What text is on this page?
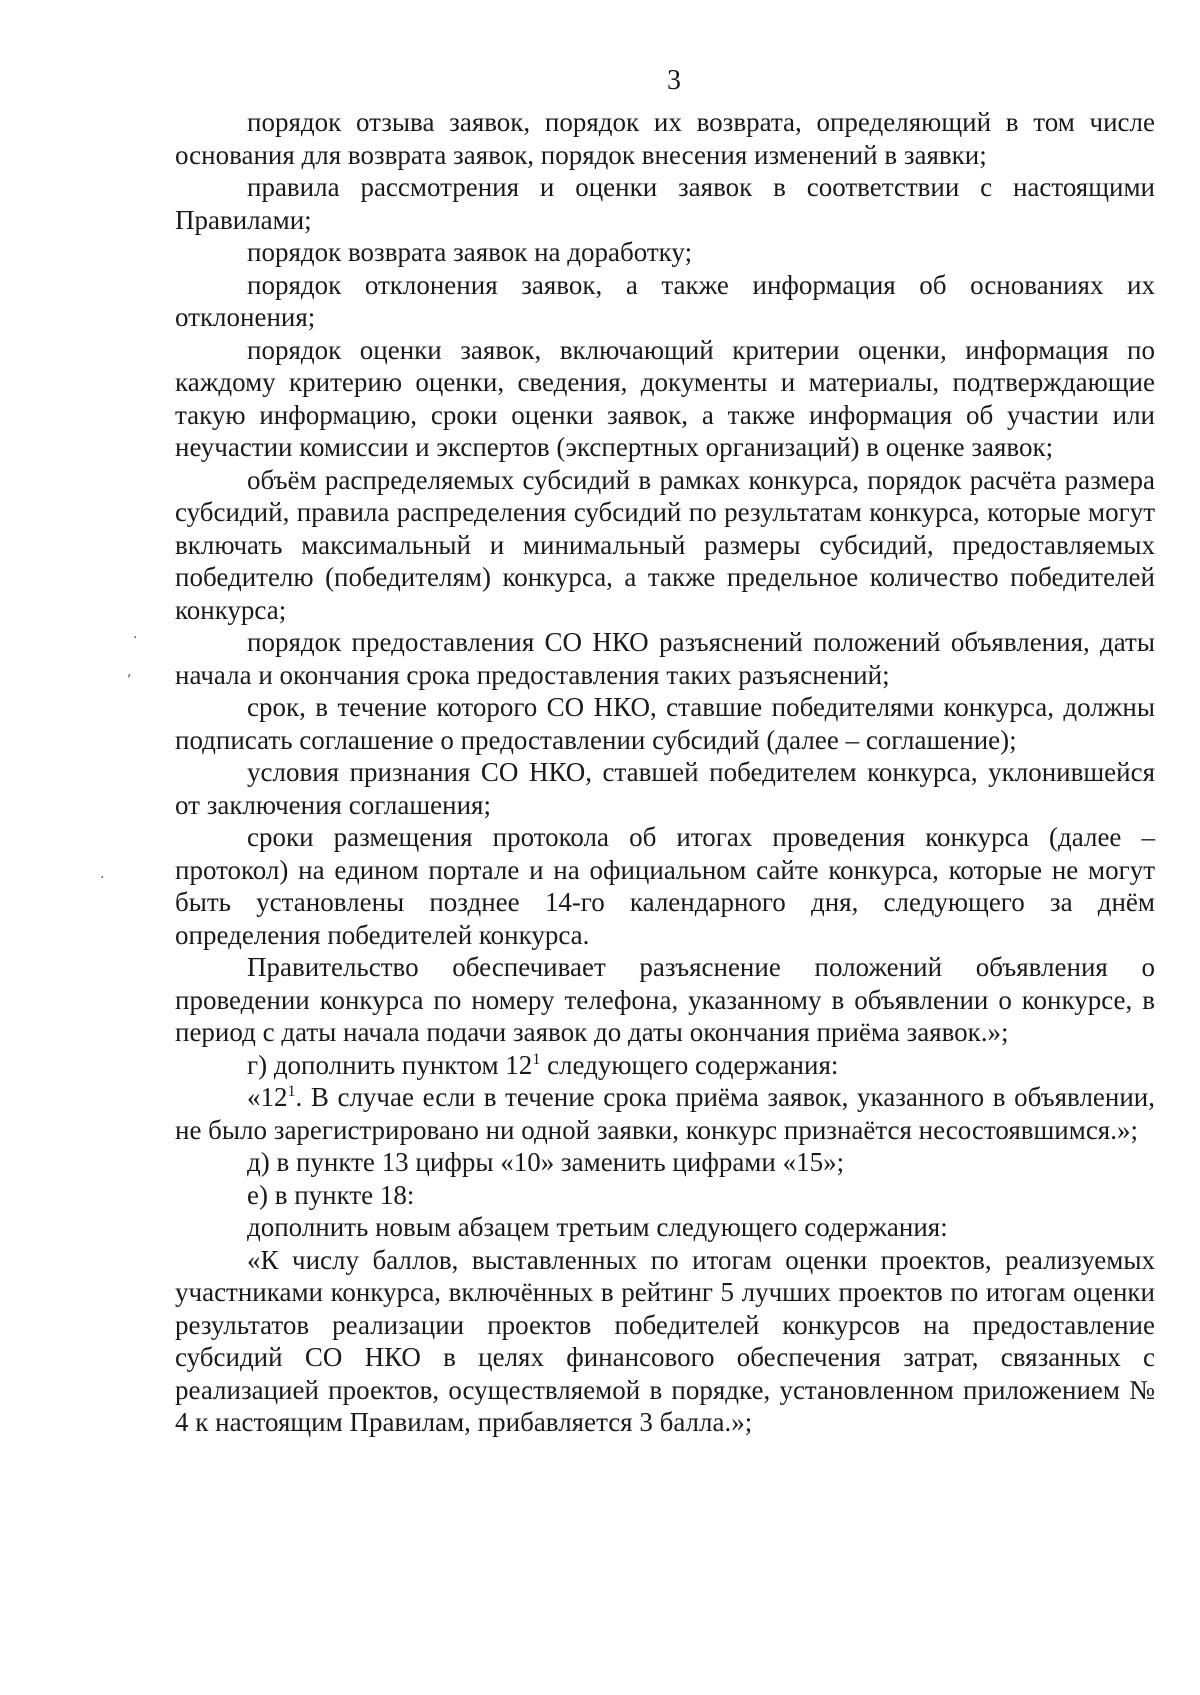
3

порядок отзыва заявок, порядок их возврата, определяющий в том числе основания для возврата заявок, порядок внесения изменений в заявки;

правила рассмотрения и оценки заявок в соответствии с настоящими Правилами;

порядок возврата заявок на доработку;

порядок отклонения заявок, а также информация об основаниях их отклонения;

порядок оценки заявок, включающий критерии оценки, информация по каждому критерию оценки, сведения, документы и материалы, подтверждающие такую информацию, сроки оценки заявок, а также информация об участии или неучастии комиссии и экспертов (экспертных организаций) в оценке заявок;

объём распределяемых субсидий в рамках конкурса, порядок расчёта размера субсидий, правила распределения субсидий по результатам конкурса, которые могут включать максимальный и минимальный размеры субсидий, предоставляемых победителю (победителям) конкурса, а также предельное количество победителей конкурса;

порядок предоставления СО НКО разъяснений положений объявления, даты начала и окончания срока предоставления таких разъяснений;

срок, в течение которого СО НКО, ставшие победителями конкурса, должны подписать соглашение о предоставлении субсидий (далее – соглашение);

условия признания СО НКО, ставшей победителем конкурса, уклонившейся от заключения соглашения;

сроки размещения протокола об итогах проведения конкурса (далее – протокол) на едином портале и на официальном сайте конкурса, которые не могут быть установлены позднее 14-го календарного дня, следующего за днём определения победителей конкурса.

Правительство обеспечивает разъяснение положений объявления о проведении конкурса по номеру телефона, указанному в объявлении о конкурсе, в период с даты начала подачи заявок до даты окончания приёма заявок.»;

г) дополнить пунктом $12^1$ следующего содержания:

«$12^1$. В случае если в течение срока приёма заявок, указанного в объявлении, не было зарегистрировано ни одной заявки, конкурс признаётся несостоявшимся.»;

д) в пункте 13 цифры «10» заменить цифрами «15»;

е) в пункте 18:

дополнить новым абзацем третьим следующего содержания:

«К числу баллов, выставленных по итогам оценки проектов, реализуемых участниками конкурса, включённых в рейтинг 5 лучших проектов по итогам оценки результатов реализации проектов победителей конкурсов на предоставление субсидий СО НКО в целях финансового обеспечения затрат, связанных с реализацией проектов, осуществляемой в порядке, установленном приложением № 4 к настоящим Правилам, прибавляется 3 балла.»;

·
,
·
